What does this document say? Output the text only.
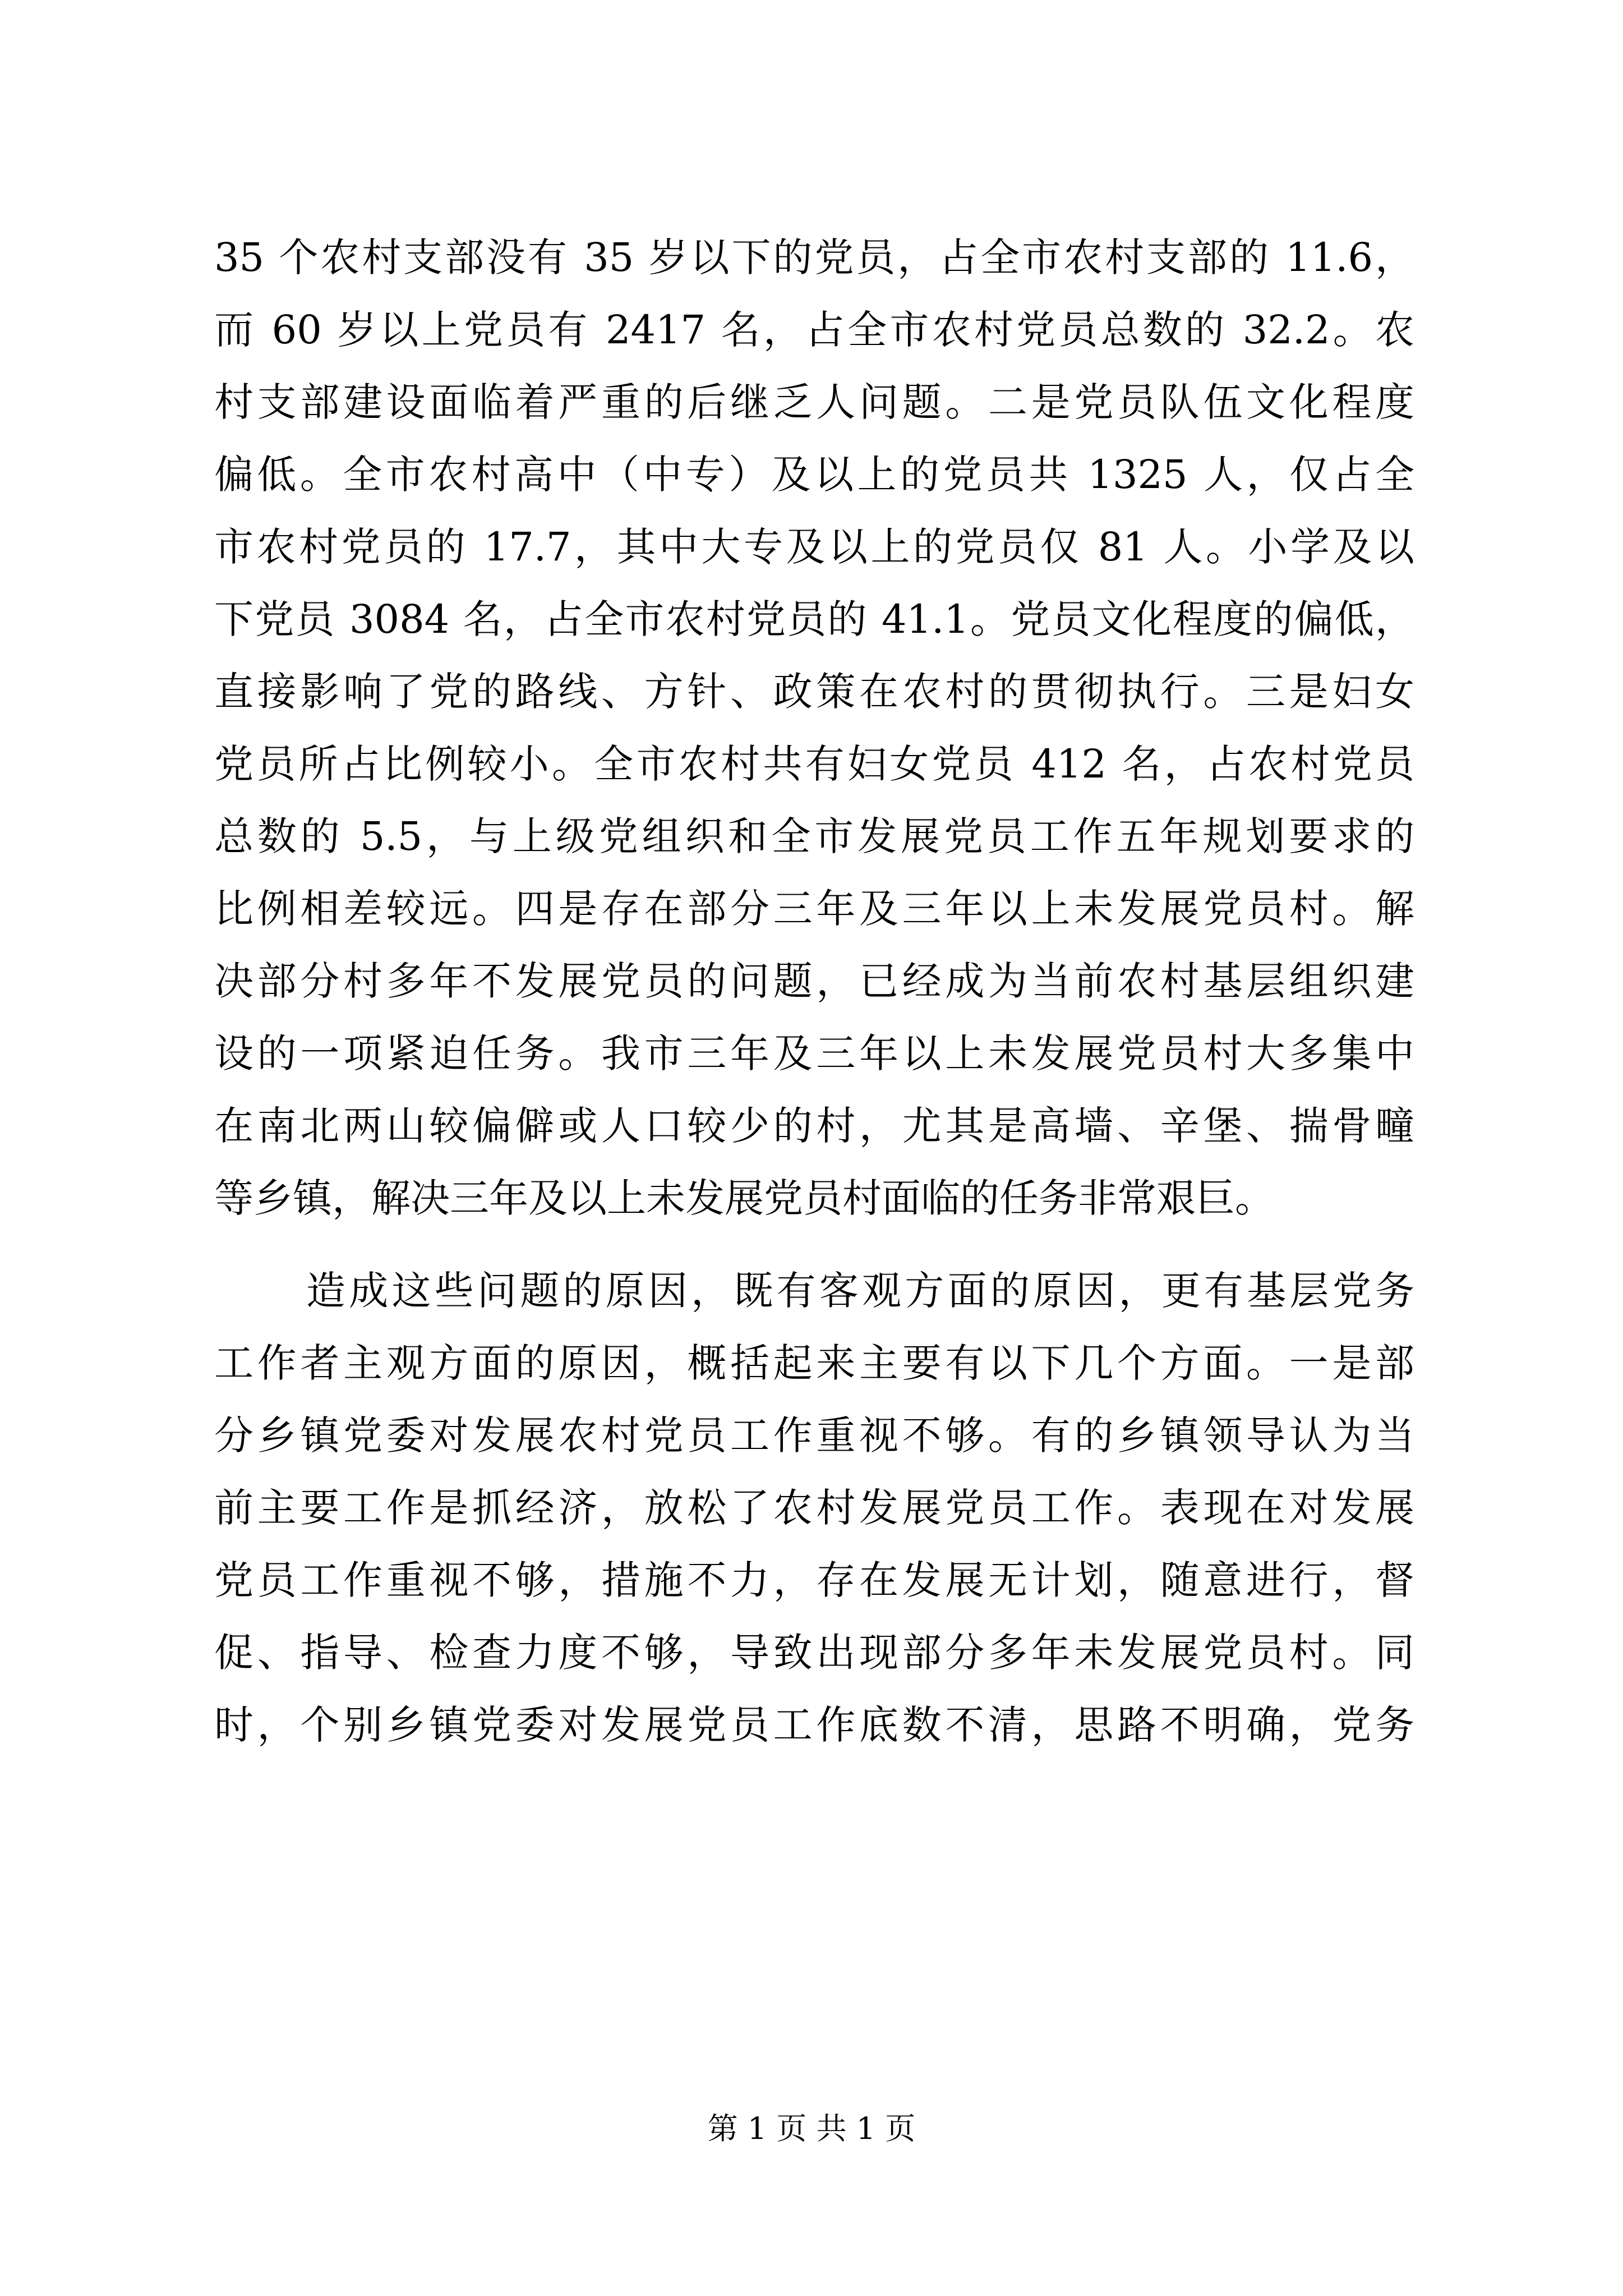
35 个农村支部没有 35 岁以下的党员，占全市农村支部的 11.6，
而 60 岁以上党员有 2417 名，占全市农村党员总数的 32.2。农
村支部建设面临着严重的后继乏人问题。二是党员队伍文化程度
偏低。全市农村高中（中专）及以上的党员共 1325 人，仅占全
市农村党员的 17.7，其中大专及以上的党员仅 81 人。小学及以
下党员 3084 名，占全市农村党员的 41.1。党员文化程度的偏低，
直接影响了党的路线、方针、政策在农村的贯彻执行。三是妇女
党员所占比例较小。全市农村共有妇女党员 412 名，占农村党员
总数的 5.5，与上级党组织和全市发展党员工作五年规划要求的
比例相差较远。四是存在部分三年及三年以上未发展党员村。解
决部分村多年不发展党员的问题，已经成为当前农村基层组织建
设的一项紧迫任务。我市三年及三年以上未发展党员村大多集中
在南北两山较偏僻或人口较少的村，尤其是高墙、辛堡、揣骨疃
等乡镇，解决三年及以上未发展党员村面临的任务非常艰巨。
造成这些问题的原因，既有客观方面的原因，更有基层党务
工作者主观方面的原因，概括起来主要有以下几个方面。一是部
分乡镇党委对发展农村党员工作重视不够。有的乡镇领导认为当
前主要工作是抓经济，放松了农村发展党员工作。表现在对发展
党员工作重视不够，措施不力，存在发展无计划，随意进行，督
促、指导、检查力度不够，导致出现部分多年未发展党员村。同
时，个别乡镇党委对发展党员工作底数不清，思路不明确，党务
第 1 页 共 1 页
